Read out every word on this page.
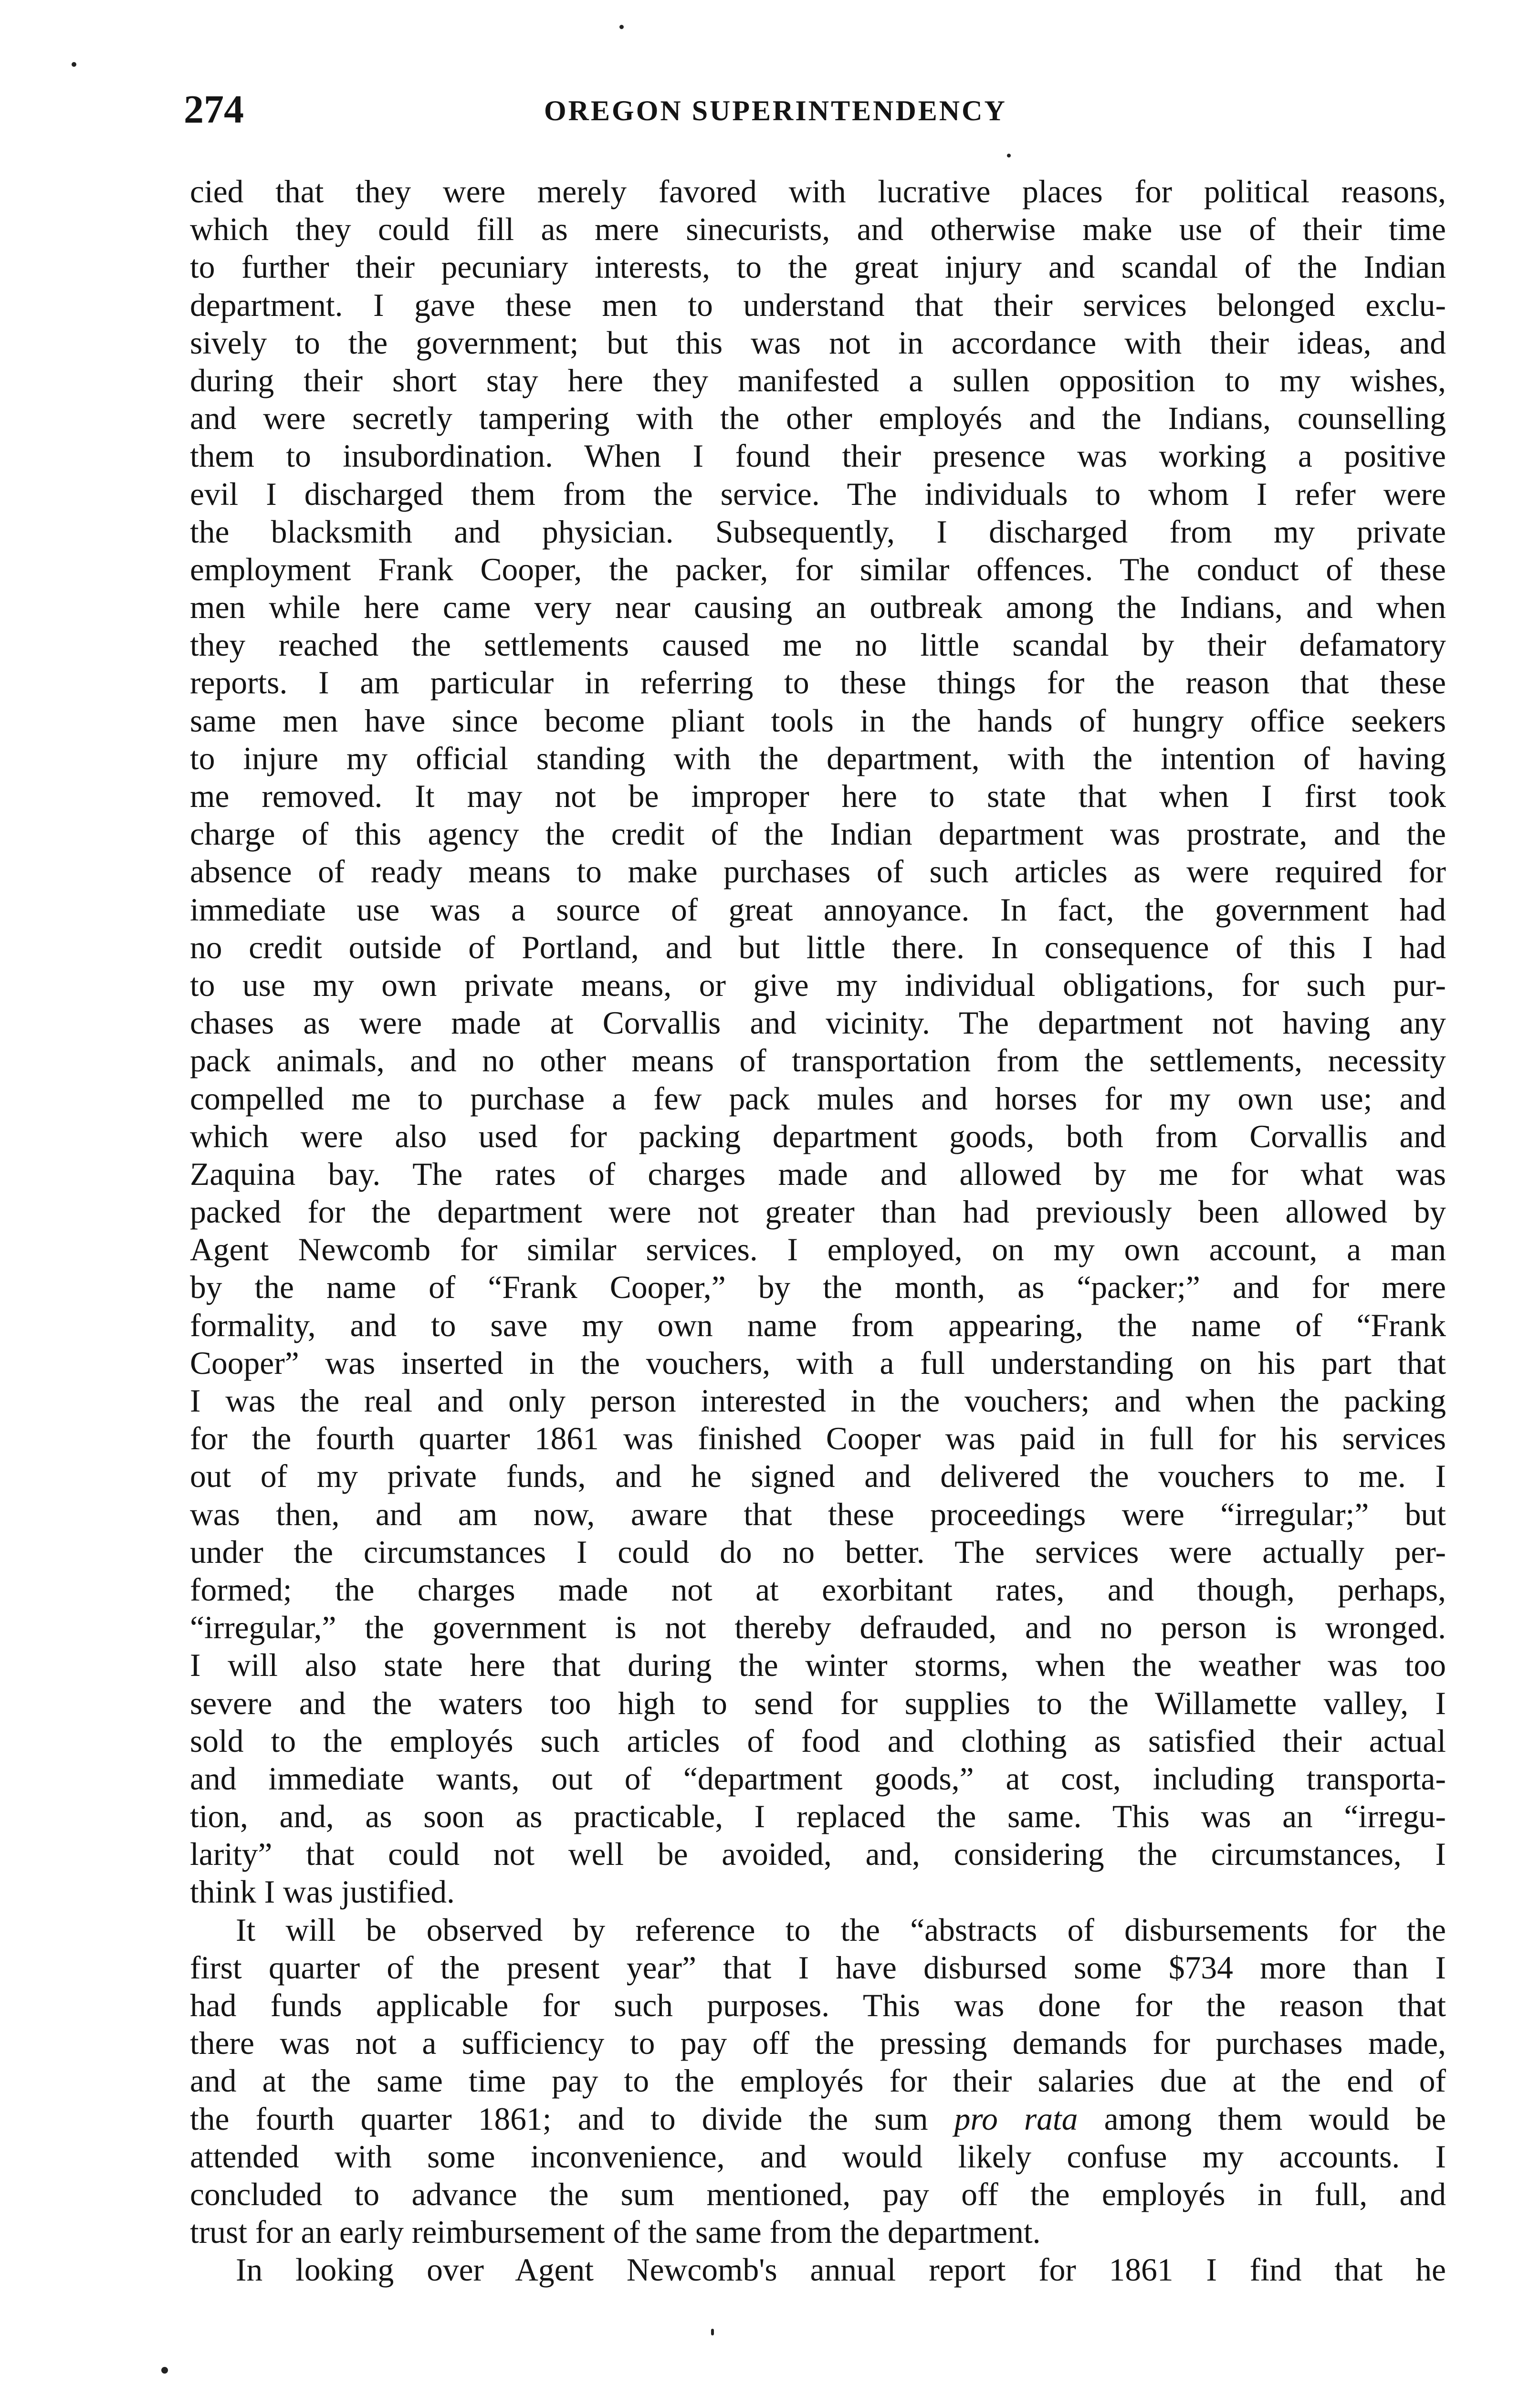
274	OREGON SUPERINTENDENCY
cied that they were merely favored with lucrative places for political reasons,
which they could fill as mere sinecurists, and otherwise make use of their time
to further their pecuniary interests, to the great injury and scandal of the Indian
department. I gave these men to understand that their services belonged exclu-
sively to the government; but this was not in accordance with their ideas, and
during their short stay here they manifested a sullen opposition to my wishes,
and were secretly tampering with the other employés and the Indians, counselling
them to insubordination. When I found their presence was working a positive
evil I discharged them from the service. The individuals to whom I refer were
the blacksmith and physician. Subsequently, I discharged from my private
employment Frank Cooper, the packer, for similar offences. The conduct of these
men while here came very near causing an outbreak among the Indians, and when
they reached the settlements caused me no little scandal by their defamatory
reports. I am particular in referring to these things for the reason that these
same men have since become pliant tools in the hands of hungry office seekers
to injure my official standing with the department, with the intention of having
me removed. It may not be improper here to state that when I first took
charge of this agency the credit of the Indian department was prostrate, and the
absence of ready means to make purchases of such articles as were required for
immediate use was a source of great annoyance. In fact, the government had
no credit outside of Portland, and but little there. In consequence of this I had
to use my own private means, or give my individual obligations, for such pur-
chases as were made at Corvallis and vicinity. The department not having any
pack animals, and no other means of transportation from the settlements, necessity
compelled me to purchase a few pack mules and horses for my own use; and
which were also used for packing department goods, both from Corvallis and
Zaquina bay. The rates of charges made and allowed by me for what was
packed for the department were not greater than had previously been allowed by
Agent Newcomb for similar services. I employed, on my own account, a man
by the name of “Frank Cooper,” by the month, as “packer;” and for mere
formality, and to save my own name from appearing, the name of “Frank
Cooper” was inserted in the vouchers, with a full understanding on his part that
I was the real and only person interested in the vouchers; and when the packing
for the fourth quarter 1861 was finished Cooper was paid in full for his services
out of my private funds, and he signed and delivered the vouchers to me. I
was then, and am now, aware that these proceedings were “irregular;” but
under the circumstances I could do no better. The services were actually per-
formed; the charges made not at exorbitant rates, and though, perhaps,
“irregular,” the government is not thereby defrauded, and no person is wronged.
I will also state here that during the winter storms, when the weather was too
severe and the waters too high to send for supplies to the Willamette valley, I
sold to the employés such articles of food and clothing as satisfied their actual
and immediate wants, out of “department goods,” at cost, including transporta-
tion, and, as soon as practicable, I replaced the same. This was an “irregu-
larity” that could not well be avoided, and, considering the circumstances, I
think I was justified.
It will be observed by reference to the “abstracts of disbursements for the
first quarter of the present year” that I have disbursed some $734 more than I
had funds applicable for such purposes. This was done for the reason that
there was not a sufficiency to pay off the pressing demands for purchases made,
and at the same time pay to the employés for their salaries due at the end of
the fourth quarter 1861; and to divide the sum pro rata among them would be
attended with some inconvenience, and would likely confuse my accounts. I
concluded to advance the sum mentioned, pay off the employés in full, and
trust for an early reimbursement of the same from the department.
In looking over Agent Newcomb's annual report for 1861 I find that he
